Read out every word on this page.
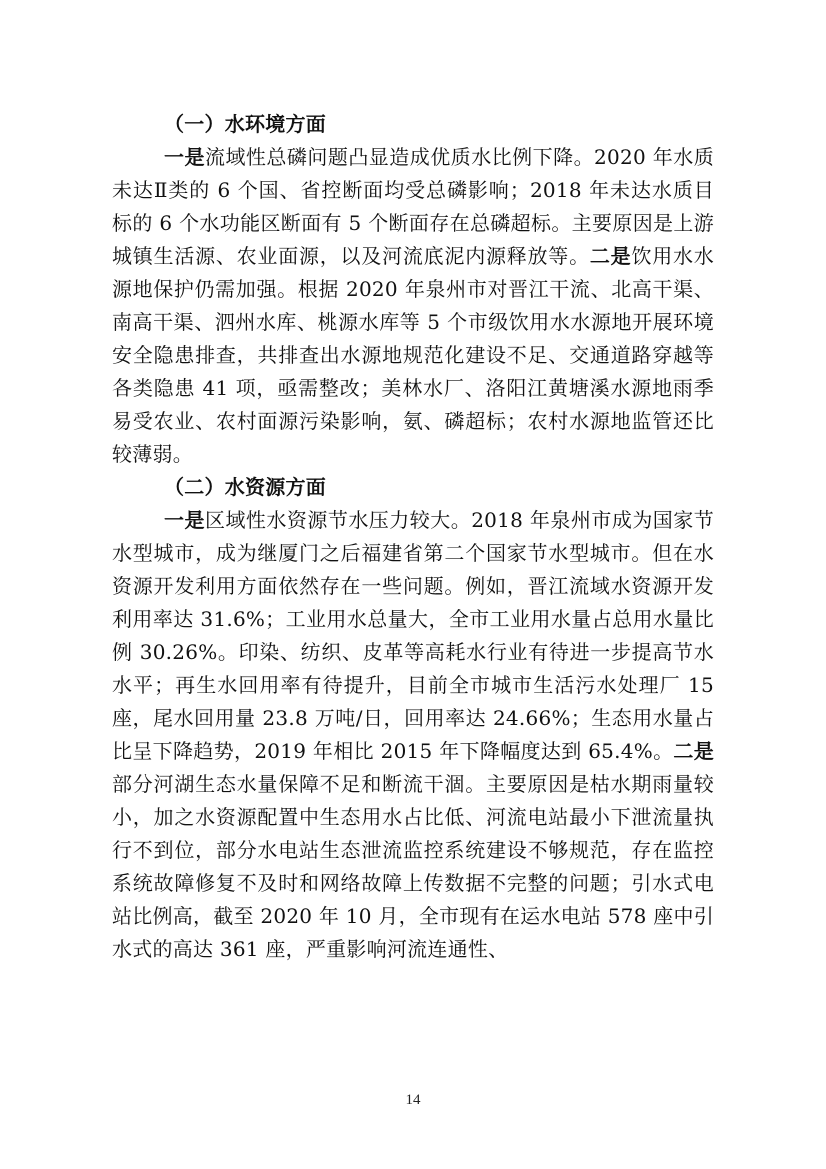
（一）水环境方面

一是流域性总磷问题凸显造成优质水比例下降。2020 年水质未达Ⅱ类的 6 个国、省控断面均受总磷影响；2018 年未达水质目标的 6 个水功能区断面有 5 个断面存在总磷超标。主要原因是上游城镇生活源、农业面源，以及河流底泥内源释放等。二是饮用水水源地保护仍需加强。根据 2020 年泉州市对晋江干流、北高干渠、南高干渠、泗州水库、桃源水库等 5 个市级饮用水水源地开展环境安全隐患排查，共排查出水源地规范化建设不足、交通道路穿越等各类隐患 41 项，亟需整改；美林水厂、洛阳江黄塘溪水源地雨季易受农业、农村面源污染影响，氨、磷超标；农村水源地监管还比较薄弱。

（二）水资源方面

一是区域性水资源节水压力较大。2018 年泉州市成为国家节水型城市，成为继厦门之后福建省第二个国家节水型城市。但在水资源开发利用方面依然存在一些问题。例如，晋江流域水资源开发利用率达 31.6%；工业用水总量大，全市工业用水量占总用水量比例 30.26%。印染、纺织、皮革等高耗水行业有待进一步提高节水水平；再生水回用率有待提升，目前全市城市生活污水处理厂 15 座，尾水回用量 23.8 万吨/日，回用率达 24.66%；生态用水量占比呈下降趋势，2019 年相比 2015 年下降幅度达到 65.4%。二是部分河湖生态水量保障不足和断流干涸。主要原因是枯水期雨量较小，加之水资源配置中生态用水占比低、河流电站最小下泄流量执行不到位，部分水电站生态泄流监控系统建设不够规范，存在监控系统故障修复不及时和网络故障上传数据不完整的问题；引水式电站比例高，截至 2020 年 10 月，全市现有在运水电站 578 座中引水式的高达 361 座，严重影响河流连通性、

14
